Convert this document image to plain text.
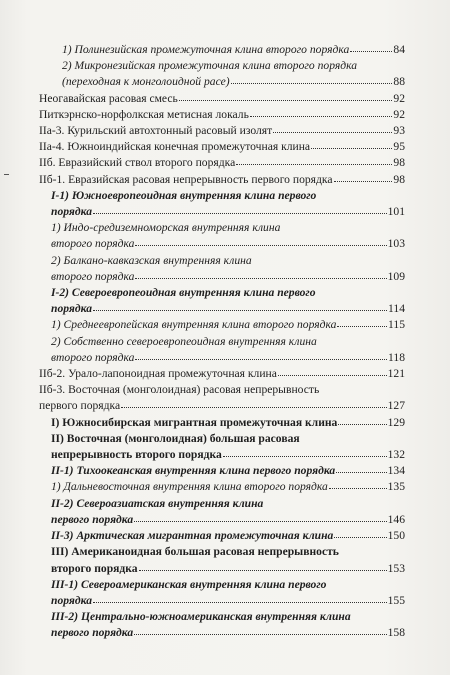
1) Полинезийская промежуточная клина второго порядка	84
2) Микронезийская промежуточная клина второго порядка
(переходная к монголоидной расе)	88
Неогавайская расовая смесь	92
Питкэрнско-норфолкская метисная локаль	92
IIa-3. Курильский автохтонный расовый изолят	93
IIa-4. Южноиндийская конечная промежуточная клина	95
IIб. Евразийский ствол второго порядка	98
IIб-1. Евразийская расовая непрерывность первого порядка	98
I-1) Южноевропеоидная внутренняя клина первого
порядка	101
1) Индо-средиземноморская внутренняя клина
второго порядка	103
2) Балкано-кавказская внутренняя клина
второго порядка	109
I-2) Североевропеоидная внутренняя клина первого
порядка	114
1) Среднеевропейская внутренняя клина второго порядка	115
2) Собственно североевропеоидная внутренняя клина
второго порядка	118
IIб-2. Урало-лапоноидная промежуточная клина	121
IIб-3. Восточная (монголоидная) расовая непрерывность
первого порядка	127
I) Южносибирская мигрантная промежуточная клина	129
II) Восточная (монголоидная) большая расовая
непрерывность второго порядка	132
II-1) Тихоокеанская внутренняя клина первого порядка	134
1) Дальневосточная внутренняя клина второго порядка	135
II-2) Североазиатская внутренняя клина
первого порядка	146
II-3) Арктическая мигрантная промежуточная клина	150
III) Американоидная большая расовая непрерывность
второго порядка	153
III-1) Североамериканская внутренняя клина первого
порядка	155
III-2) Центрально-южноамериканская внутренняя клина
первого порядка	158
